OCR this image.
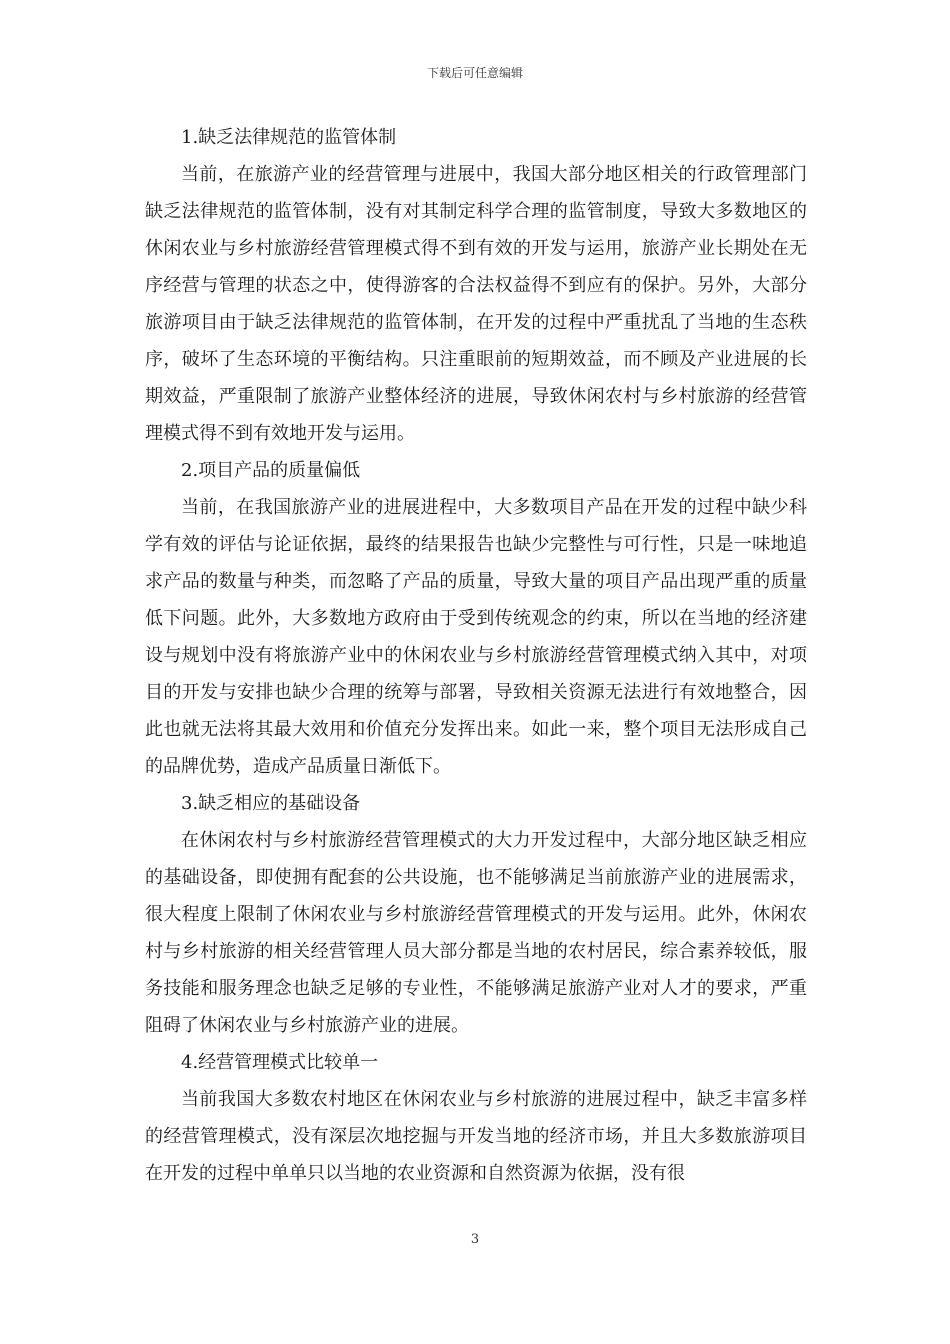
下载后可任意编辑
1.缺乏法律规范的监管体制

当前，在旅游产业的经营管理与进展中，我国大部分地区相关的行政管理部门缺乏法律规范的监管体制，没有对其制定科学合理的监管制度，导致大多数地区的休闲农业与乡村旅游经营管理模式得不到有效的开发与运用，旅游产业长期处在无序经营与管理的状态之中，使得游客的合法权益得不到应有的保护。另外，大部分旅游项目由于缺乏法律规范的监管体制，在开发的过程中严重扰乱了当地的生态秩序，破坏了生态环境的平衡结构。只注重眼前的短期效益，而不顾及产业进展的长期效益，严重限制了旅游产业整体经济的进展，导致休闲农村与乡村旅游的经营管理模式得不到有效地开发与运用。

2.项目产品的质量偏低

当前，在我国旅游产业的进展进程中，大多数项目产品在开发的过程中缺少科学有效的评估与论证依据，最终的结果报告也缺少完整性与可行性，只是一味地追求产品的数量与种类，而忽略了产品的质量，导致大量的项目产品出现严重的质量低下问题。此外，大多数地方政府由于受到传统观念的约束，所以在当地的经济建设与规划中没有将旅游产业中的休闲农业与乡村旅游经营管理模式纳入其中，对项目的开发与安排也缺少合理的统筹与部署，导致相关资源无法进行有效地整合，因此也就无法将其最大效用和价值充分发挥出来。如此一来，整个项目无法形成自己的品牌优势，造成产品质量日渐低下。

3.缺乏相应的基础设备

在休闲农村与乡村旅游经营管理模式的大力开发过程中，大部分地区缺乏相应的基础设备，即使拥有配套的公共设施，也不能够满足当前旅游产业的进展需求，很大程度上限制了休闲农业与乡村旅游经营管理模式的开发与运用。此外，休闲农村与乡村旅游的相关经营管理人员大部分都是当地的农村居民，综合素养较低，服务技能和服务理念也缺乏足够的专业性，不能够满足旅游产业对人才的要求，严重阻碍了休闲农业与乡村旅游产业的进展。

4.经营管理模式比较单一

当前我国大多数农村地区在休闲农业与乡村旅游的进展过程中，缺乏丰富多样的经营管理模式，没有深层次地挖掘与开发当地的经济市场，并且大多数旅游项目在开发的过程中单单只以当地的农业资源和自然资源为依据，没有很

3
